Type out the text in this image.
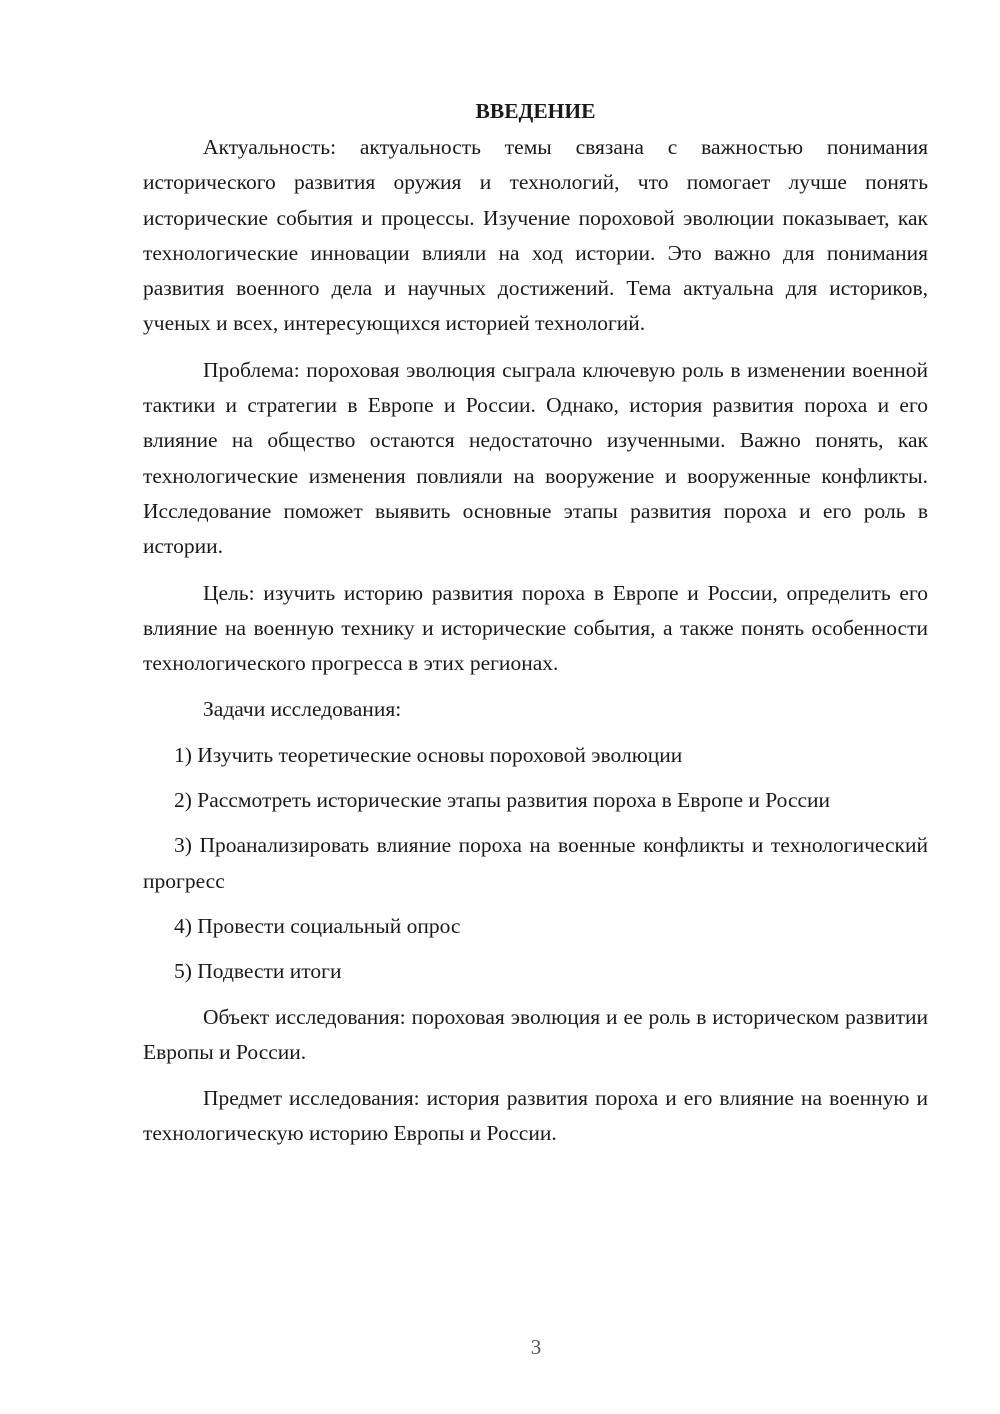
ВВЕДЕНИЕ

Актуальность: актуальность темы связана с важностью понимания исторического развития оружия и технологий, что помогает лучше понять исторические события и процессы. Изучение пороховой эволюции показывает, как технологические инновации влияли на ход истории. Это важно для понимания развития военного дела и научных достижений. Тема актуальна для историков, ученых и всех, интересующихся историей технологий.

Проблема: пороховая эволюция сыграла ключевую роль в изменении военной тактики и стратегии в Европе и России. Однако, история развития пороха и его влияние на общество остаются недостаточно изученными. Важно понять, как технологические изменения повлияли на вооружение и вооруженные конфликты. Исследование поможет выявить основные этапы развития пороха и его роль в истории.

Цель: изучить историю развития пороха в Европе и России, определить его влияние на военную технику и исторические события, а также понять особенности технологического прогресса в этих регионах.

Задачи исследования:

1) Изучить теоретические основы пороховой эволюции

2) Рассмотреть исторические этапы развития пороха в Европе и России

3) Проанализировать влияние пороха на военные конфликты и технологический прогресс

4) Провести социальный опрос

5) Подвести итоги

Объект исследования: пороховая эволюция и ее роль в историческом развитии Европы и России.

Предмет исследования: история развития пороха и его влияние на военную и технологическую историю Европы и России.

3
